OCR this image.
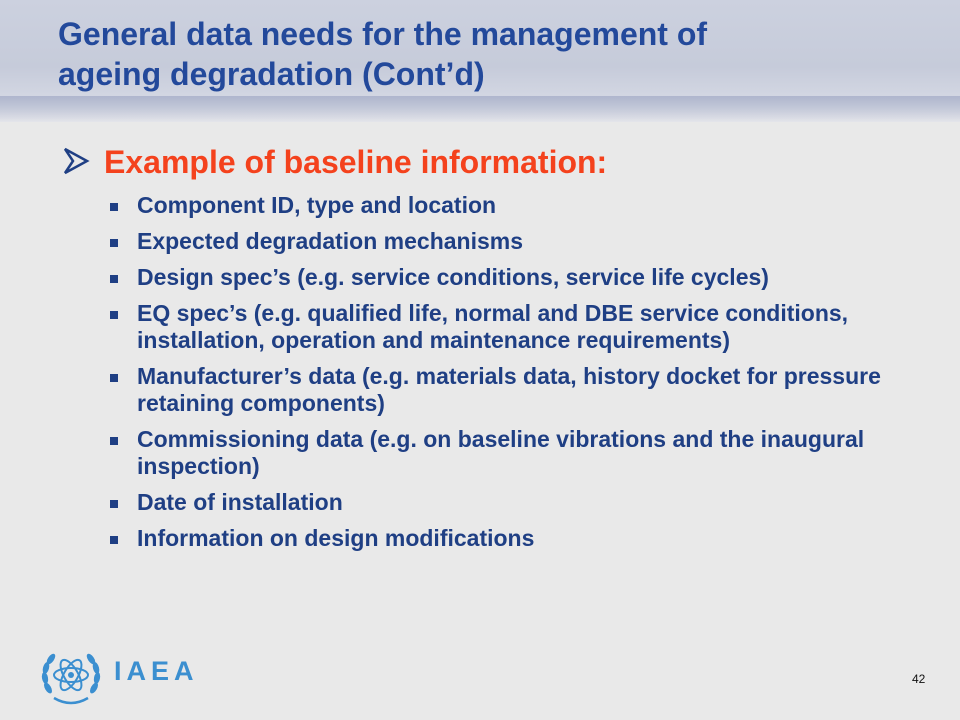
General data needs for the management of
ageing degradation (Cont’d)
Example of baseline information:
Component ID, type and location
Expected degradation mechanisms
Design spec’s (e.g. service conditions, service life cycles)
EQ spec’s (e.g. qualified life, normal and DBE service conditions, installation, operation and maintenance requirements)
Manufacturer’s data (e.g. materials data, history docket for pressure retaining components)
Commissioning data (e.g. on baseline vibrations and the inaugural inspection)
Date of installation
Information on design modifications
IAEA	42
